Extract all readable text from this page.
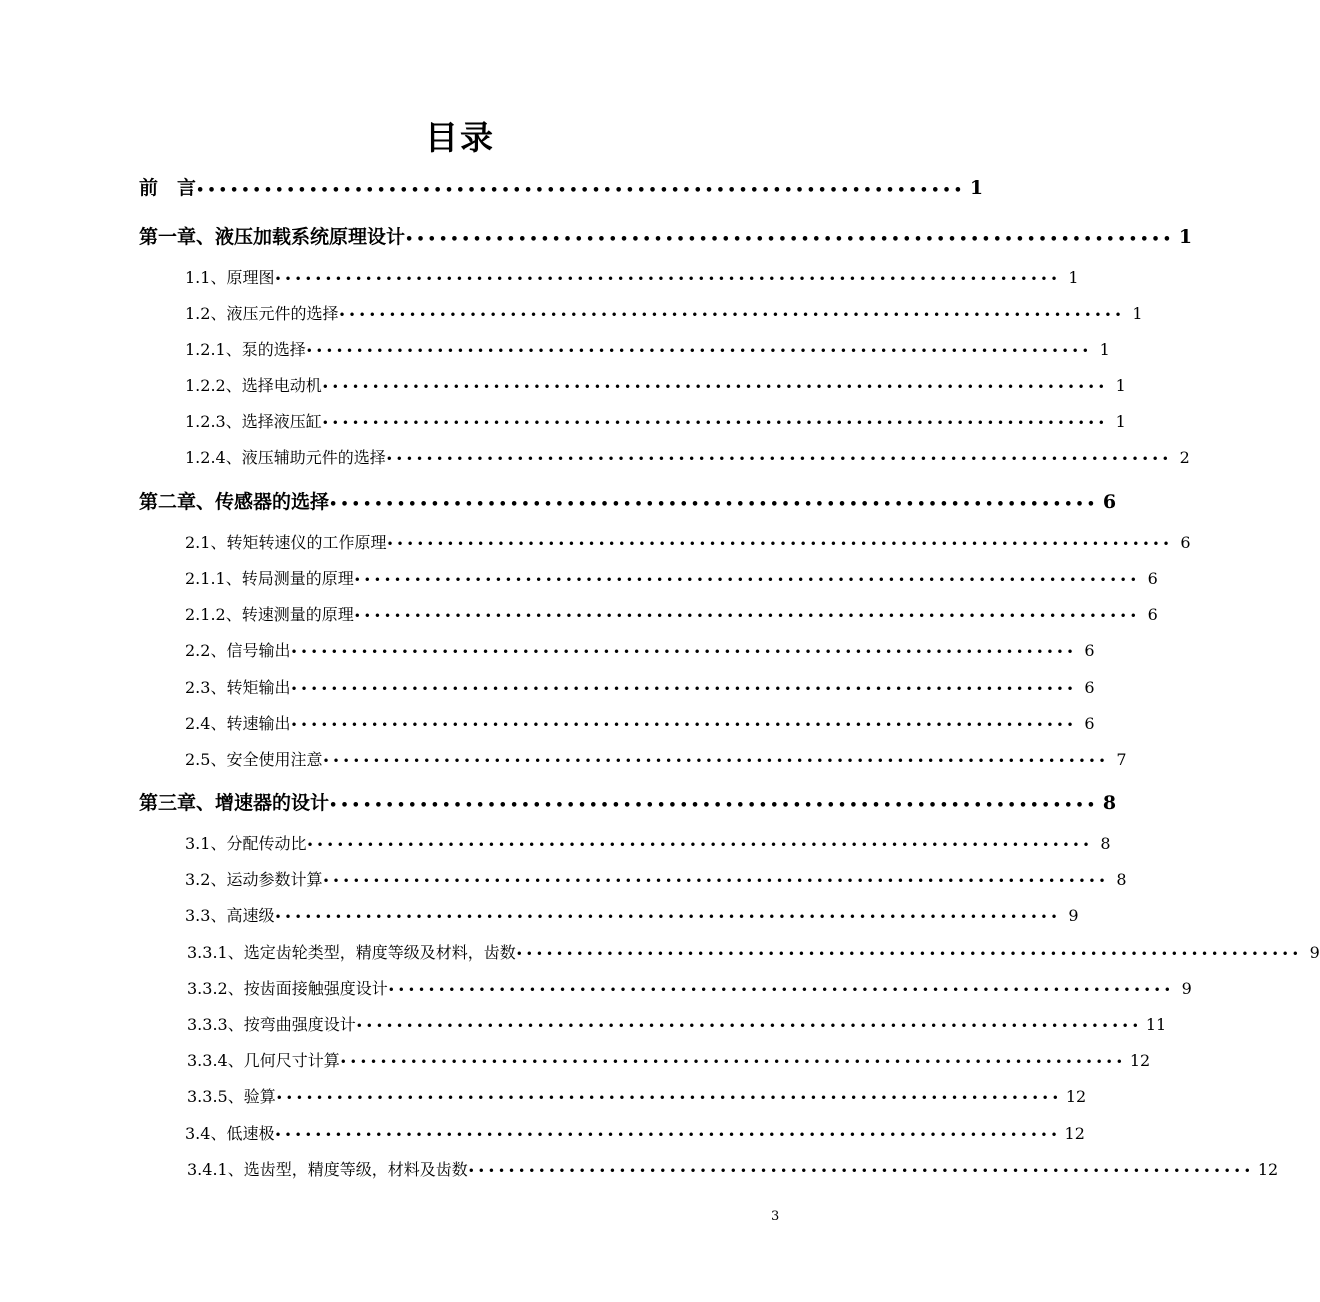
目录
前　言 •••••••••••••••••••••••••••••••••••••••••••••••••••••••••••••••••••• 1
第一章、液压加载系统原理设计 •••••••••••••••••••••••••••••••••••••••••••••••••••••••••••••••••••• 1
1.1、原理图 •••••••••••••••••••••••••••••••••••••••••••••••••••••••••••••••••••••••••••••• 1
1.2、液压元件的选择 •••••••••••••••••••••••••••••••••••••••••••••••••••••••••••••••••••••••••••••• 1
1.2.1、泵的选择 •••••••••••••••••••••••••••••••••••••••••••••••••••••••••••••••••••••••••••••• 1
1.2.2、选择电动机 •••••••••••••••••••••••••••••••••••••••••••••••••••••••••••••••••••••••••••••• 1
1.2.3、选择液压缸 •••••••••••••••••••••••••••••••••••••••••••••••••••••••••••••••••••••••••••••• 1
1.2.4、液压辅助元件的选择 •••••••••••••••••••••••••••••••••••••••••••••••••••••••••••••••••••••••••••••• 2
第二章、传感器的选择 •••••••••••••••••••••••••••••••••••••••••••••••••••••••••••••••••••• 6
2.1、转矩转速仪的工作原理 •••••••••••••••••••••••••••••••••••••••••••••••••••••••••••••••••••••••••••••• 6
2.1.1、转局测量的原理 •••••••••••••••••••••••••••••••••••••••••••••••••••••••••••••••••••••••••••••• 6
2.1.2、转速测量的原理 •••••••••••••••••••••••••••••••••••••••••••••••••••••••••••••••••••••••••••••• 6
2.2、信号输出 •••••••••••••••••••••••••••••••••••••••••••••••••••••••••••••••••••••••••••••• 6
2.3、转矩输出 •••••••••••••••••••••••••••••••••••••••••••••••••••••••••••••••••••••••••••••• 6
2.4、转速输出 •••••••••••••••••••••••••••••••••••••••••••••••••••••••••••••••••••••••••••••• 6
2.5、安全使用注意 •••••••••••••••••••••••••••••••••••••••••••••••••••••••••••••••••••••••••••••• 7
第三章、增速器的设计 •••••••••••••••••••••••••••••••••••••••••••••••••••••••••••••••••••• 8
3.1、分配传动比 •••••••••••••••••••••••••••••••••••••••••••••••••••••••••••••••••••••••••••••• 8
3.2、运动参数计算 •••••••••••••••••••••••••••••••••••••••••••••••••••••••••••••••••••••••••••••• 8
3.3、高速级 •••••••••••••••••••••••••••••••••••••••••••••••••••••••••••••••••••••••••••••• 9
3.3.1、选定齿轮类型，精度等级及材料，齿数 •••••••••••••••••••••••••••••••••••••••••••••••••••••••••••••••••••••••••••••• 9
3.3.2、按齿面接触强度设计 •••••••••••••••••••••••••••••••••••••••••••••••••••••••••••••••••••••••••••••• 9
3.3.3、按弯曲强度设计 •••••••••••••••••••••••••••••••••••••••••••••••••••••••••••••••••••••••••••••• 11
3.3.4、几何尺寸计算 •••••••••••••••••••••••••••••••••••••••••••••••••••••••••••••••••••••••••••••• 12
3.3.5、验算 •••••••••••••••••••••••••••••••••••••••••••••••••••••••••••••••••••••••••••••• 12
3.4、低速极 •••••••••••••••••••••••••••••••••••••••••••••••••••••••••••••••••••••••••••••• 12
3.4.1、选齿型，精度等级，材料及齿数 •••••••••••••••••••••••••••••••••••••••••••••••••••••••••••••••••••••••••••••• 12
3
